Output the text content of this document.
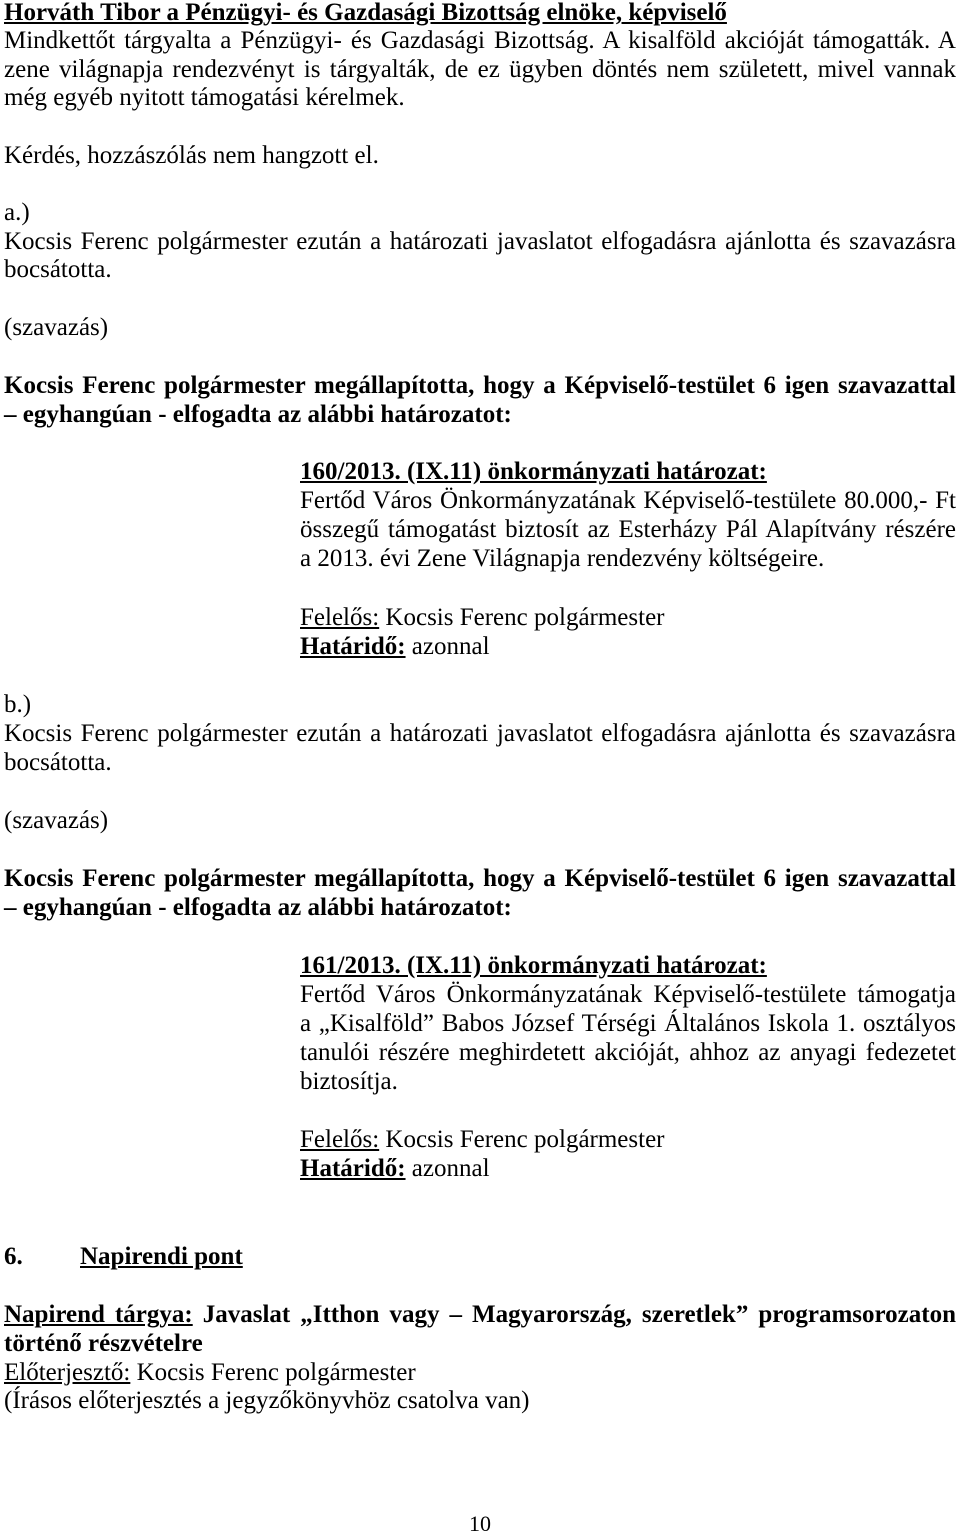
Horváth Tibor a Pénzügyi- és Gazdasági Bizottság elnöke, képviselő
Mindkettőt tárgyalta a Pénzügyi- és Gazdasági Bizottság. A kisalföld akcióját támogatták. A
zene világnapja rendezvényt is tárgyalták, de ez ügyben döntés nem született, mivel vannak
még egyéb nyitott támogatási kérelmek.
Kérdés, hozzászólás nem hangzott el.
a.)
Kocsis Ferenc polgármester ezután a határozati javaslatot elfogadásra ajánlotta és szavazásra
bocsátotta.
(szavazás)
Kocsis Ferenc polgármester megállapította, hogy a Képviselő-testület 6 igen szavazattal
– egyhangúan - elfogadta az alábbi határozatot:
160/2013. (IX.11) önkormányzati határozat:
Fertőd Város Önkormányzatának Képviselő-testülete 80.000,- Ft
összegű támogatást biztosít az Esterházy Pál Alapítvány részére
a 2013. évi Zene Világnapja rendezvény költségeire.
Felelős: Kocsis Ferenc polgármester
Határidő: azonnal
b.)
Kocsis Ferenc polgármester ezután a határozati javaslatot elfogadásra ajánlotta és szavazásra
bocsátotta.
(szavazás)
Kocsis Ferenc polgármester megállapította, hogy a Képviselő-testület 6 igen szavazattal
– egyhangúan - elfogadta az alábbi határozatot:
161/2013. (IX.11) önkormányzati határozat:
Fertőd Város Önkormányzatának Képviselő-testülete támogatja
a „Kisalföld” Babos József Térségi Általános Iskola 1. osztályos
tanulói részére meghirdetett akcióját, ahhoz az anyagi fedezetet
biztosítja.
Felelős: Kocsis Ferenc polgármester
Határidő: azonnal
6. Napirendi pont
Napirend tárgya: Javaslat „Itthon vagy – Magyarország, szeretlek” programsorozaton
történő részvételre
Előterjesztő: Kocsis Ferenc polgármester
(Írásos előterjesztés a jegyzőkönyvhöz csatolva van)
10
